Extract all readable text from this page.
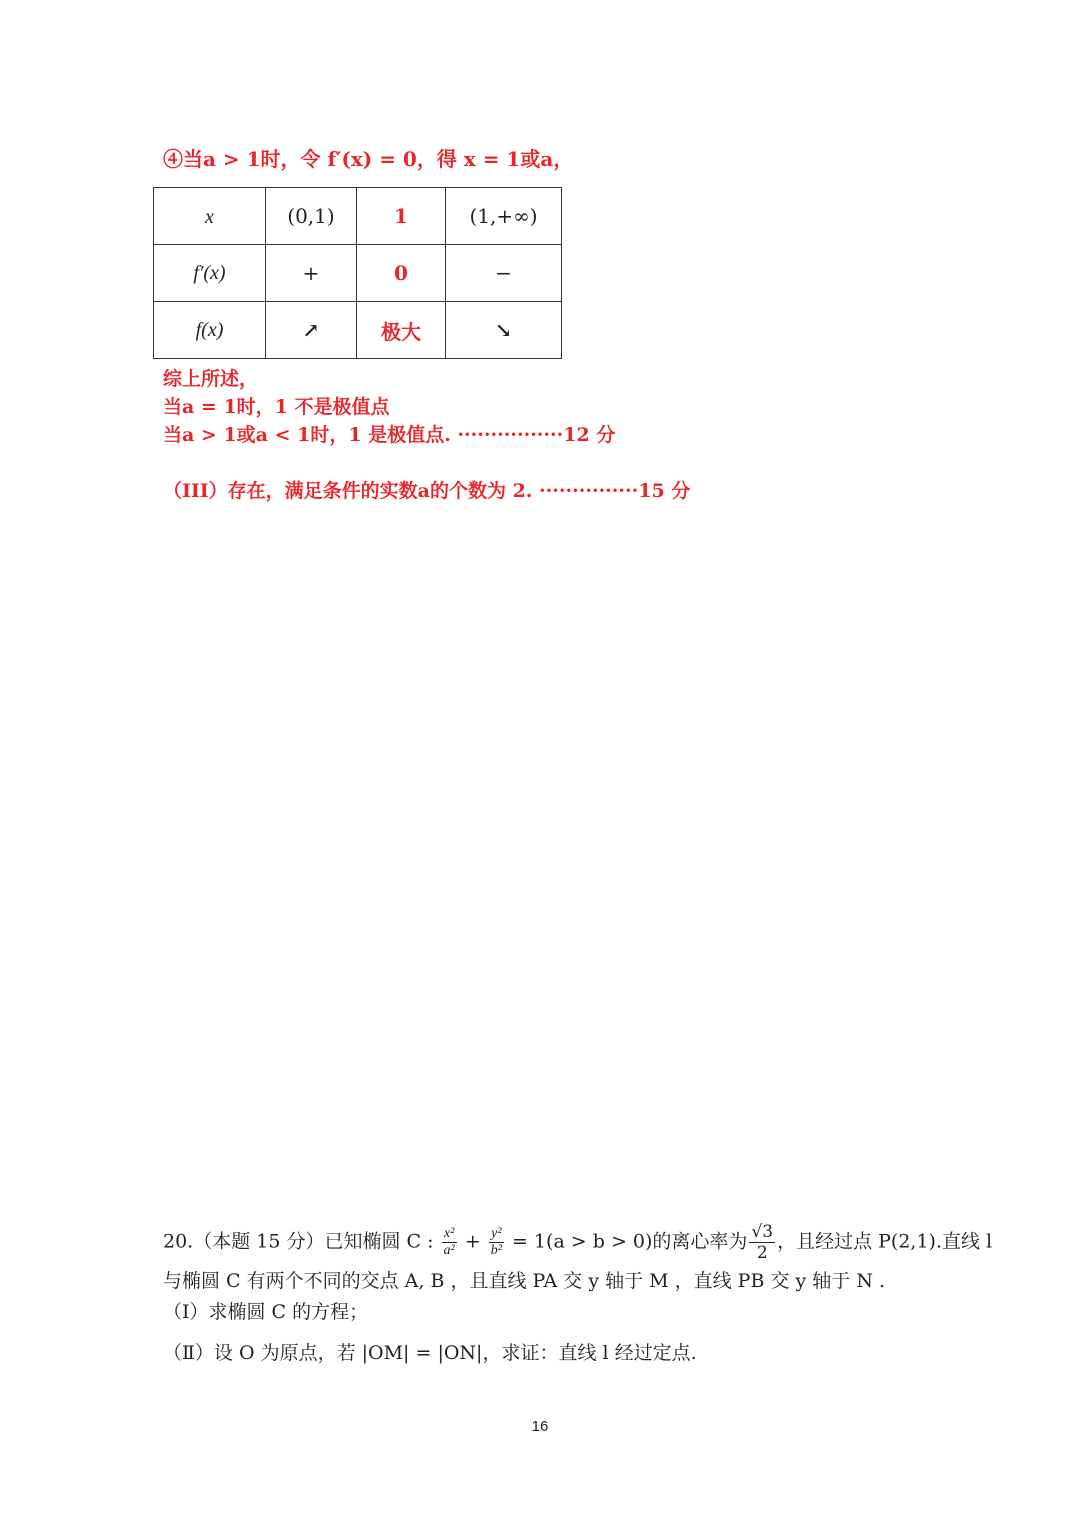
④当a > 1时，令 f′(x) = 0，得 x = 1或a，
x	(0,1)	1	(1,+∞)
f′(x)	+	0	−
f(x)	↗	极大	↘
综上所述，
当a = 1时，1 不是极值点
当a > 1或a < 1时，1 是极值点. ················12 分
（III）存在，满足条件的实数a的个数为 2. ···············15 分
20.（本题 15 分）已知椭圆 C : $\frac{\text{x²}}{\text{a²}} + \frac{\text{y²}}{\text{b²}} = 1(a > b > 0)$的离心率为 $\frac{√3}{2}$ ，且经过点 P(2,1).直线 l
与椭圆 C 有两个不同的交点 A, B ，且直线 PA 交 y 轴于 M ，直线 PB 交 y 轴于 N .
（Ⅰ）求椭圆 C 的方程；
（Ⅱ）设 O 为原点，若 |OM| = |ON|，求证：直线 l 经过定点.
16
